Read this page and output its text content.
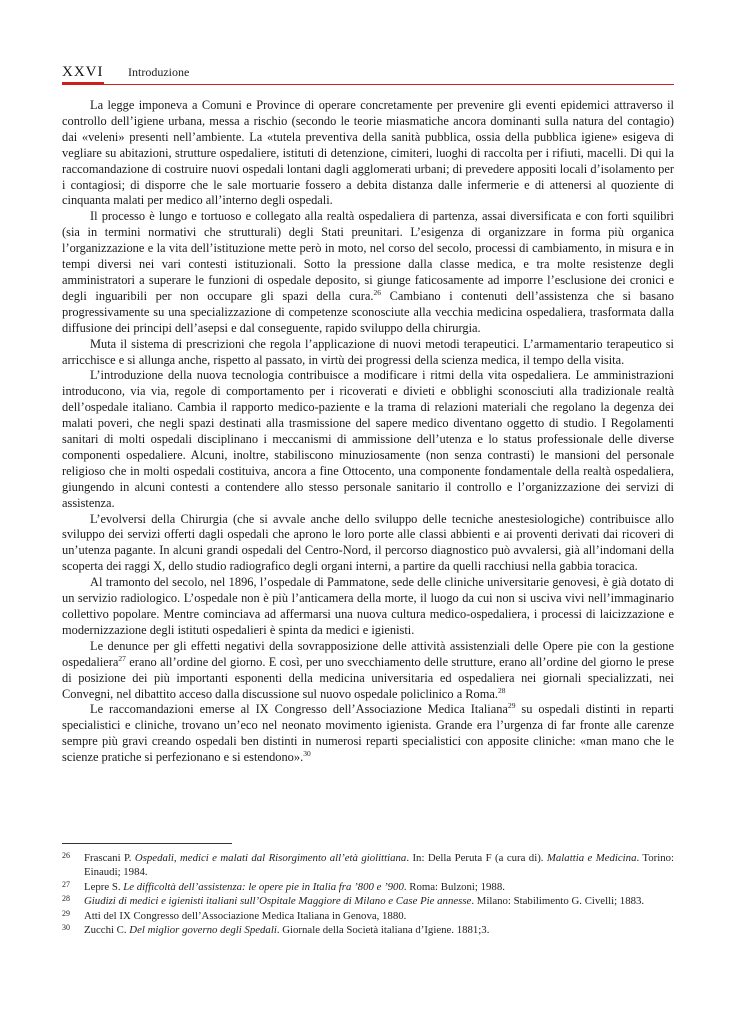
XXVI Introduzione

La legge imponeva a Comuni e Province di operare concretamente per prevenire gli eventi epidemici attraverso il controllo dell’igiene urbana, messa a rischio (secondo le teorie miasmatiche ancora dominanti sulla natura del contagio) dai «veleni» presenti nell’ambiente. La «tutela preventiva della sanità pubblica, ossia della pubblica igiene» esigeva di vegliare su abitazioni, strutture ospedaliere, istituti di detenzione, cimiteri, luoghi di raccolta per i rifiuti, macelli. Di qui la raccomandazione di costruire nuovi ospedali lontani dagli agglomerati urbani; di prevedere appositi locali d’isolamento per i contagiosi; di disporre che le sale mortuarie fossero a debita distanza dalle infermerie e di attenersi al quoziente di cinquanta malati per medico all’interno degli ospedali.

Il processo è lungo e tortuoso e collegato alla realtà ospedaliera di partenza, assai diversificata e con forti squilibri (sia in termini normativi che strutturali) degli Stati preunitari. L’esigenza di organizzare in forma più organica l’organizzazione e la vita dell’istituzione mette però in moto, nel corso del secolo, processi di cambiamento, in misura e in tempi diversi nei vari contesti istituzionali. Sotto la pressione dalla classe medica, e tra molte resistenze degli amministratori a superare le funzioni di ospedale deposito, si giunge faticosamente ad imporre l’esclusione dei cronici e degli inguaribili per non occupare gli spazi della cura.$^{26}$ Cambiano i contenuti dell’assistenza che si basano progressivamente su una specializzazione di competenze sconosciute alla vecchia medicina ospedaliera, trasformata dalla diffusione dei principi dell’asepsi e dal conseguente, rapido sviluppo della chirurgia.

Muta il sistema di prescrizioni che regola l’applicazione di nuovi metodi terapeutici. L’armamentario terapeutico si arricchisce e si allunga anche, rispetto al passato, in virtù dei progressi della scienza medica, il tempo della visita.

L’introduzione della nuova tecnologia contribuisce a modificare i ritmi della vita ospedaliera. Le amministrazioni introducono, via via, regole di comportamento per i ricoverati e divieti e obblighi sconosciuti alla tradizionale realtà dell’ospedale italiano. Cambia il rapporto medico-paziente e la trama di relazioni materiali che regolano la degenza dei malati poveri, che negli spazi destinati alla trasmissione del sapere medico diventano oggetto di studio. I Regolamenti sanitari di molti ospedali disciplinano i meccanismi di ammissione dell’utenza e lo status professionale delle diverse componenti ospedaliere. Alcuni, inoltre, stabiliscono minuziosamente (non senza contrasti) le mansioni del personale religioso che in molti ospedali costituiva, ancora a fine Ottocento, una componente fondamentale della realtà ospedaliera, giungendo in alcuni contesti a contendere allo stesso personale sanitario il controllo e l’organizzazione dei servizi di assistenza.

L’evolversi della Chirurgia (che si avvale anche dello sviluppo delle tecniche anestesiologiche) contribuisce allo sviluppo dei servizi offerti dagli ospedali che aprono le loro porte alle classi abbienti e ai proventi derivati dai ricoveri di un’utenza pagante. In alcuni grandi ospedali del Centro-Nord, il percorso diagnostico può avvalersi, già all’indomani della scoperta dei raggi X, dello studio radiografico degli organi interni, a partire da quelli racchiusi nella gabbia toracica.

Al tramonto del secolo, nel 1896, l’ospedale di Pammatone, sede delle cliniche universitarie genovesi, è già dotato di un servizio radiologico. L’ospedale non è più l’anticamera della morte, il luogo da cui non si usciva vivi nell’immaginario collettivo popolare. Mentre cominciava ad affermarsi una nuova cultura medico-ospedaliera, i processi di laicizzazione e modernizzazione degli istituti ospedalieri è spinta da medici e igienisti.

Le denunce per gli effetti negativi della sovrapposizione delle attività assistenziali delle Opere pie con la gestione ospedaliera$^{27}$ erano all’ordine del giorno. E così, per uno svecchiamento delle strutture, erano all’ordine del giorno le prese di posizione dei più importanti esponenti della medicina universitaria ed ospedaliera nei giornali specializzati, nei Convegni, nel dibattito acceso dalla discussione sul nuovo ospedale policlinico a Roma.$^{28}$

Le raccomandazioni emerse al IX Congresso dell’Associazione Medica Italiana$^{29}$ su ospedali distinti in reparti specialistici e cliniche, trovano un’eco nel neonato movimento igienista. Grande era l’urgenza di far fronte alle carenze sempre più gravi creando ospedali ben distinti in numerosi reparti specialistici con apposite cliniche: «man mano che le scienze pratiche si perfezionano e si estendono».$^{30}$

26 Frascani P. Ospedali, medici e malati dal Risorgimento all’età giolittiana. In: Della Peruta F (a cura di). Malattia e Medicina. Torino: Einaudi; 1984.

27 Lepre S. Le difficoltà dell’assistenza: le opere pie in Italia fra ’800 e ’900. Roma: Bulzoni; 1988.

28 Giudizi di medici e igienisti italiani sull’Ospitale Maggiore di Milano e Case Pie annesse. Milano: Stabilimento G. Civelli; 1883.

29 Atti del IX Congresso dell’Associazione Medica Italiana in Genova, 1880.

30 Zucchi C. Del miglior governo degli Spedali. Giornale della Società italiana d’Igiene. 1881;3.
